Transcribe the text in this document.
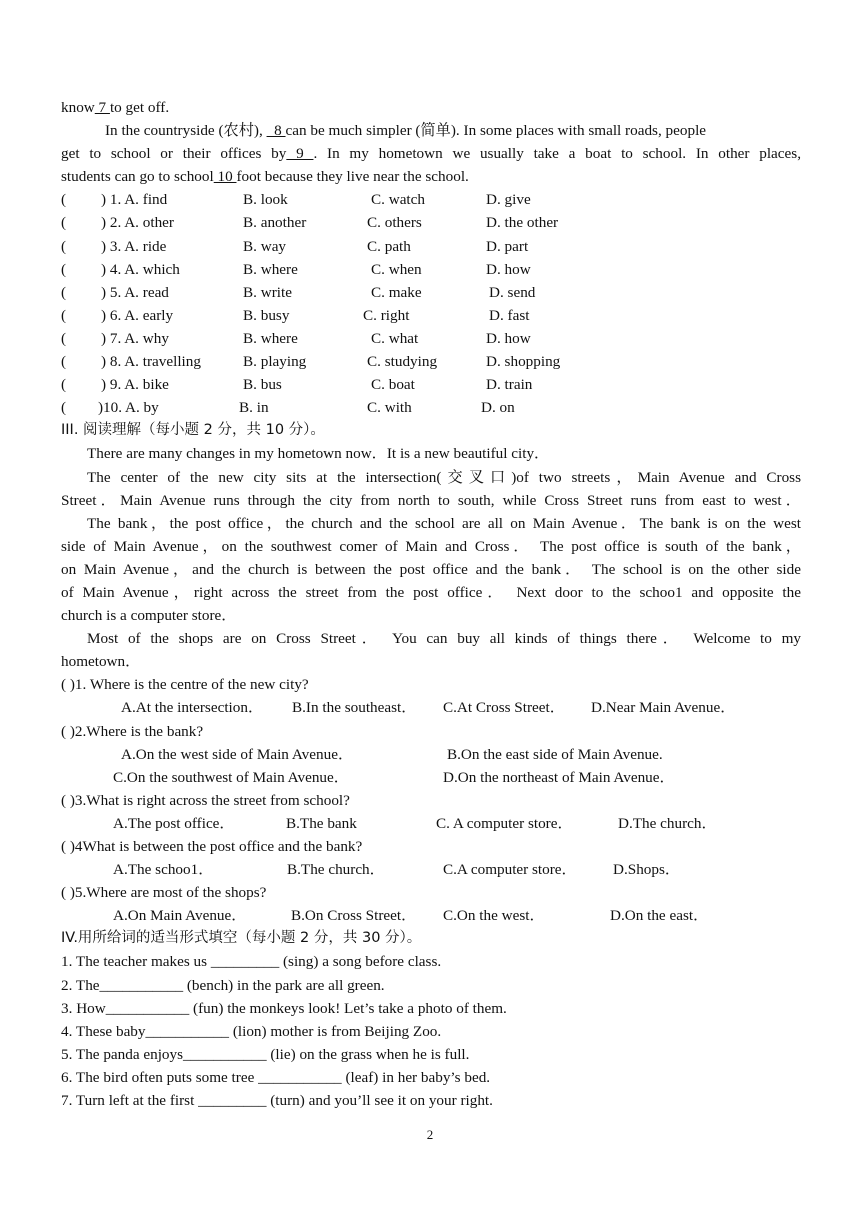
know 7 to get off.
In the countryside (农村),   8 can be much simpler (简单). In some places with small roads, people
get to school or their offices by 9 . In my hometown we usually take a boat to school. In other places,
students can go to school 10 foot because they live near the school.
( ) 1. A. find	B. look	C. watch	D. give
( ) 2. A. other	B. another	C. others	D. the other
( ) 3. A. ride	B. way	C. path	D. part
( ) 4. A. which	B. where	C. when	D. how
( ) 5. A. read	B. write	C. make	D. send
( ) 6. A. early	B. busy	C. right	D. fast
( ) 7. A. why	B. where	C. what	D. how
( ) 8. A. travelling	B. playing	C. studying	D. shopping
( ) 9. A. bike	B. bus	C. boat	D. train
( )10. A. by	B. in	C. with	D. on
III. 阅读理解（每小题 2 分，共 10 分）。
There are many changes in my hometown now．It is a new beautiful city．
The center of the new city sits at the intersection(交叉口)of two streets，Main Avenue and Cross
Street．Main Avenue runs through the city from north to south, while Cross Street runs from east to west．
The bank，the post office，the church and the school are all on Main Avenue．The bank is on the west
side of Main Avenue，on the southwest comer of Main and Cross． The post office is south of the bank，
on Main Avenue，and the church is between the post office and the bank． The school is on the other side
of Main Avenue，right across the street from the post office． Next door to the schoo1 and opposite the
church is a computer store．
Most of the shops are on Cross Street． You can buy all kinds of things there． Welcome to my
hometown．
( )1. Where is the centre of the new city?
A.At the intersection． B.In the southeast． C.At Cross Street． D.Near Main Avenue．
( )2.Where is the bank?
A.On the west side of Main Avenue．	B.On the east side of Main Avenue.
C.On the southwest of Main Avenue．	D.On the northeast of Main Avenue．
( )3.What is right across the street from school?
A.The post office．	B.The bank	C. A computer store．	D.The church．
( )4What is between the post office and the bank?
A.The schoo1．	B.The church．	C.A computer store． D.Shops．
( )5.Where are most of the shops?
A.On Main Avenue．	B.On Cross Street． C.On the west．	D.On the east．
IV.用所给词的适当形式填空（每小题 2 分，共 30 分）。
1. The teacher makes us _________ (sing) a song before class.
2. The___________ (bench) in the park are all green.
3. How___________ (fun) the monkeys look! Let’s take a photo of them.
4. These baby___________ (lion) mother is from Beijing Zoo.
5. The panda enjoys___________ (lie) on the grass when he is full.
6. The bird often puts some tree ___________ (leaf) in her baby’s bed.
7. Turn left at the first _________ (turn) and you’ll see it on your right.
2
